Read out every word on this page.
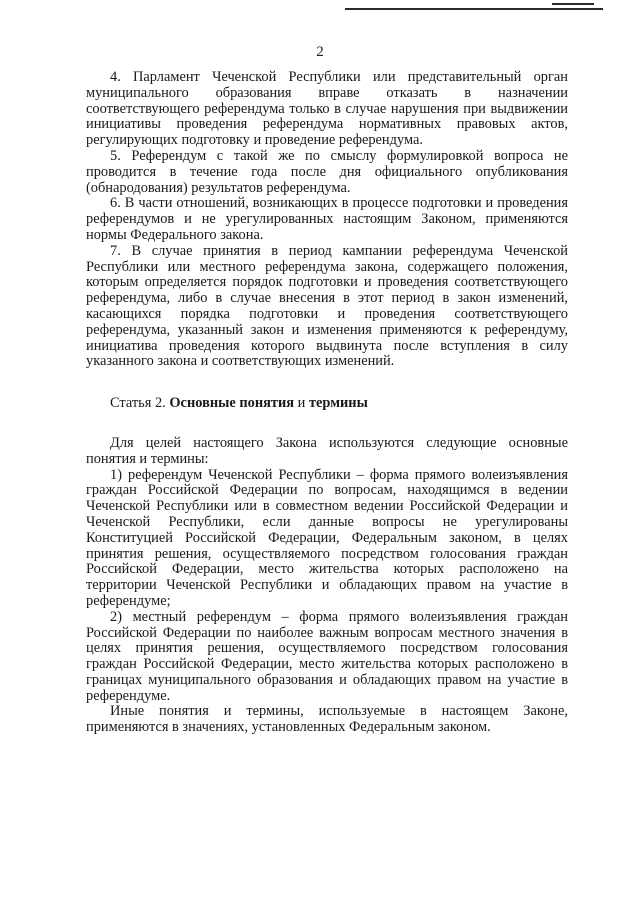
2

4. Парламент Чеченской Республики или представительный орган муниципального образования вправе отказать в назначении соответствующего референдума только в случае нарушения при выдвижении инициативы проведения референдума нормативных правовых актов, регулирующих подготовку и проведение референдума.

5. Референдум с такой же по смыслу формулировкой вопроса не проводится в течение года после дня официального опубликования (обнародования) результатов референдума.

6. В части отношений, возникающих в процессе подготовки и проведения референдумов и не урегулированных настоящим Законом, применяются нормы Федерального закона.

7. В случае принятия в период кампании референдума Чеченской Республики или местного референдума закона, содержащего положения, которым определяется порядок подготовки и проведения соответствующего референдума, либо в случае внесения в этот период в закон изменений, касающихся порядка подготовки и проведения соответствующего референдума, указанный закон и изменения применяются к референдуму, инициатива проведения которого выдвинута после вступления в силу указанного закона и соответствующих изменений.

Статья 2. Основные понятия и термины

Для целей настоящего Закона используются следующие основные понятия и термины:

1) референдум Чеченской Республики – форма прямого волеизъявления граждан Российской Федерации по вопросам, находящимся в ведении Чеченской Республики или в совместном ведении Российской Федерации и Чеченской Республики, если данные вопросы не урегулированы Конституцией Российской Федерации, Федеральным законом, в целях принятия решения, осуществляемого посредством голосования граждан Российской Федерации, место жительства которых расположено на территории Чеченской Республики и обладающих правом на участие в референдуме;

2) местный референдум – форма прямого волеизъявления граждан Российской Федерации по наиболее важным вопросам местного значения в целях принятия решения, осуществляемого посредством голосования граждан Российской Федерации, место жительства которых расположено в границах муниципального образования и обладающих правом на участие в референдуме.

Иные понятия и термины, используемые в настоящем Законе, применяются в значениях, установленных Федеральным законом.
